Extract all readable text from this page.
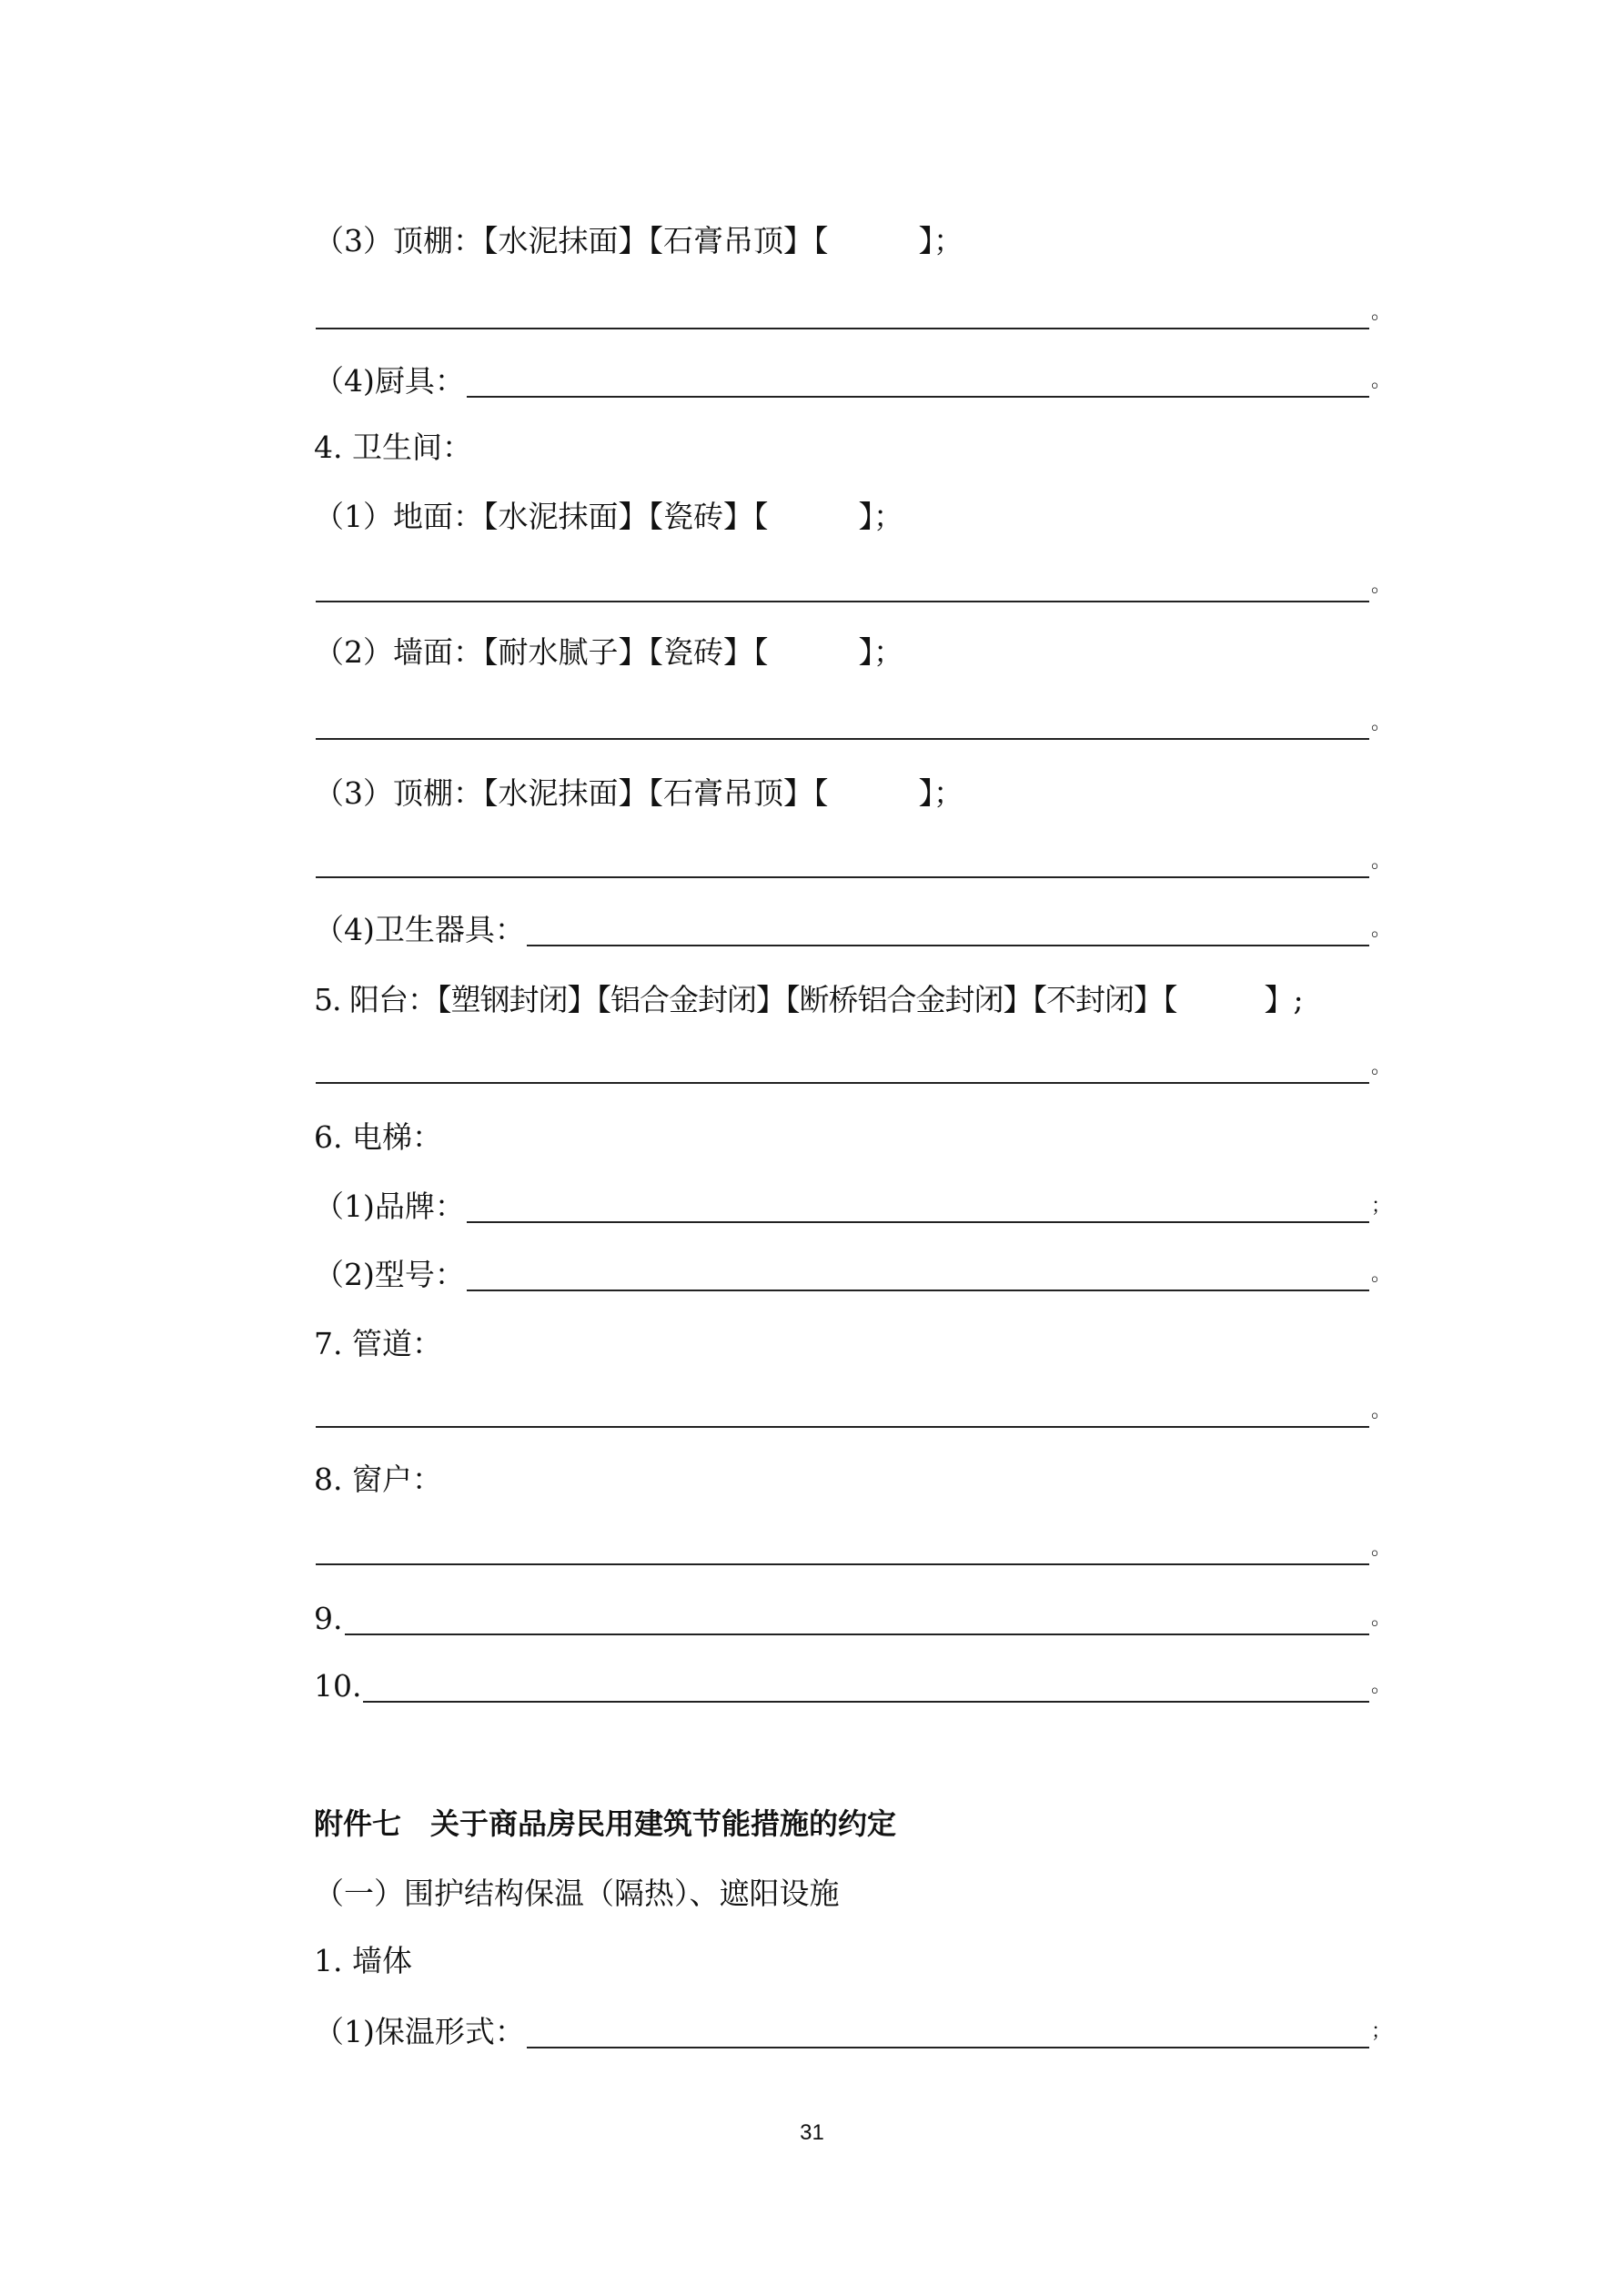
（3）顶棚：【水泥抹面】【石膏吊顶】【　　　】；
。
（4)厨具：	。
4. 卫生间：
（1）地面：【水泥抹面】【瓷砖】【　　　】；
。
（2）墙面：【耐水腻子】【瓷砖】【　　　】；
。
（3）顶棚：【水泥抹面】【石膏吊顶】【　　　】；
。
（4)卫生器具：	。
5. 阳台：【塑钢封闭】【铝合金封闭】【断桥铝合金封闭】【不封闭】【　　　】;
。
6. 电梯：
（1)品牌：	；
（2)型号：	。
7. 管道：
。
8. 窗户：
。
9.	。
10.	。
附件七　关于商品房民用建筑节能措施的约定
（一）围护结构保温（隔热）、遮阳设施
1. 墙体
（1)保温形式：	；
31
